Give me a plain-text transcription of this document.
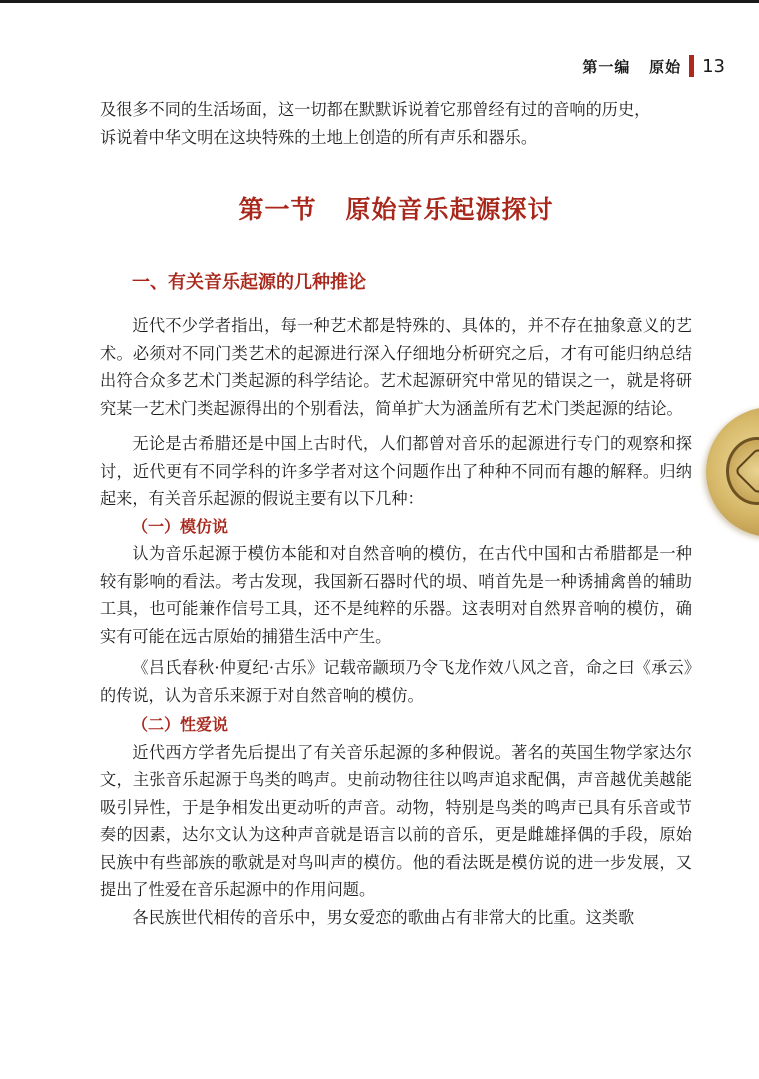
第一编   原始 13

及很多不同的生活场面，这一切都在默默诉说着它那曾经有过的音响的历史，

诉说着中华文明在这块特殊的土地上创造的所有声乐和器乐。

第一节   原始音乐起源探讨
一、有关音乐起源的几种推论

近代不少学者指出，每一种艺术都是特殊的、具体的，并不存在抽象意义的艺术。必须对不同门类艺术的起源进行深入仔细地分析研究之后，才有可能归纳总结出符合众多艺术门类起源的科学结论。艺术起源研究中常见的错误之一，就是将研究某一艺术门类起源得出的个别看法，简单扩大为涵盖所有艺术门类起源的结论。

无论是古希腊还是中国上古时代，人们都曾对音乐的起源进行专门的观察和探讨，近代更有不同学科的许多学者对这个问题作出了种种不同而有趣的解释。归纳起来，有关音乐起源的假说主要有以下几种：

（一）模仿说

认为音乐起源于模仿本能和对自然音响的模仿，在古代中国和古希腊都是一种较有影响的看法。考古发现，我国新石器时代的埙、哨首先是一种诱捕禽兽的辅助工具，也可能兼作信号工具，还不是纯粹的乐器。这表明对自然界音响的模仿，确实有可能在远古原始的捕猎生活中产生。

《吕氏春秋·仲夏纪·古乐》记载帝颛顼乃令飞龙作效八风之音，命之曰《承云》的传说，认为音乐来源于对自然音响的模仿。

（二）性爱说

近代西方学者先后提出了有关音乐起源的多种假说。著名的英国生物学家达尔文，主张音乐起源于鸟类的鸣声。史前动物往往以鸣声追求配偶，声音越优美越能吸引异性，于是争相发出更动听的声音。动物，特别是鸟类的鸣声已具有乐音或节奏的因素，达尔文认为这种声音就是语言以前的音乐，更是雌雄择偶的手段，原始民族中有些部族的歌就是对鸟叫声的模仿。他的看法既是模仿说的进一步发展，又提出了性爱在音乐起源中的作用问题。

各民族世代相传的音乐中，男女爱恋的歌曲占有非常大的比重。这类歌
